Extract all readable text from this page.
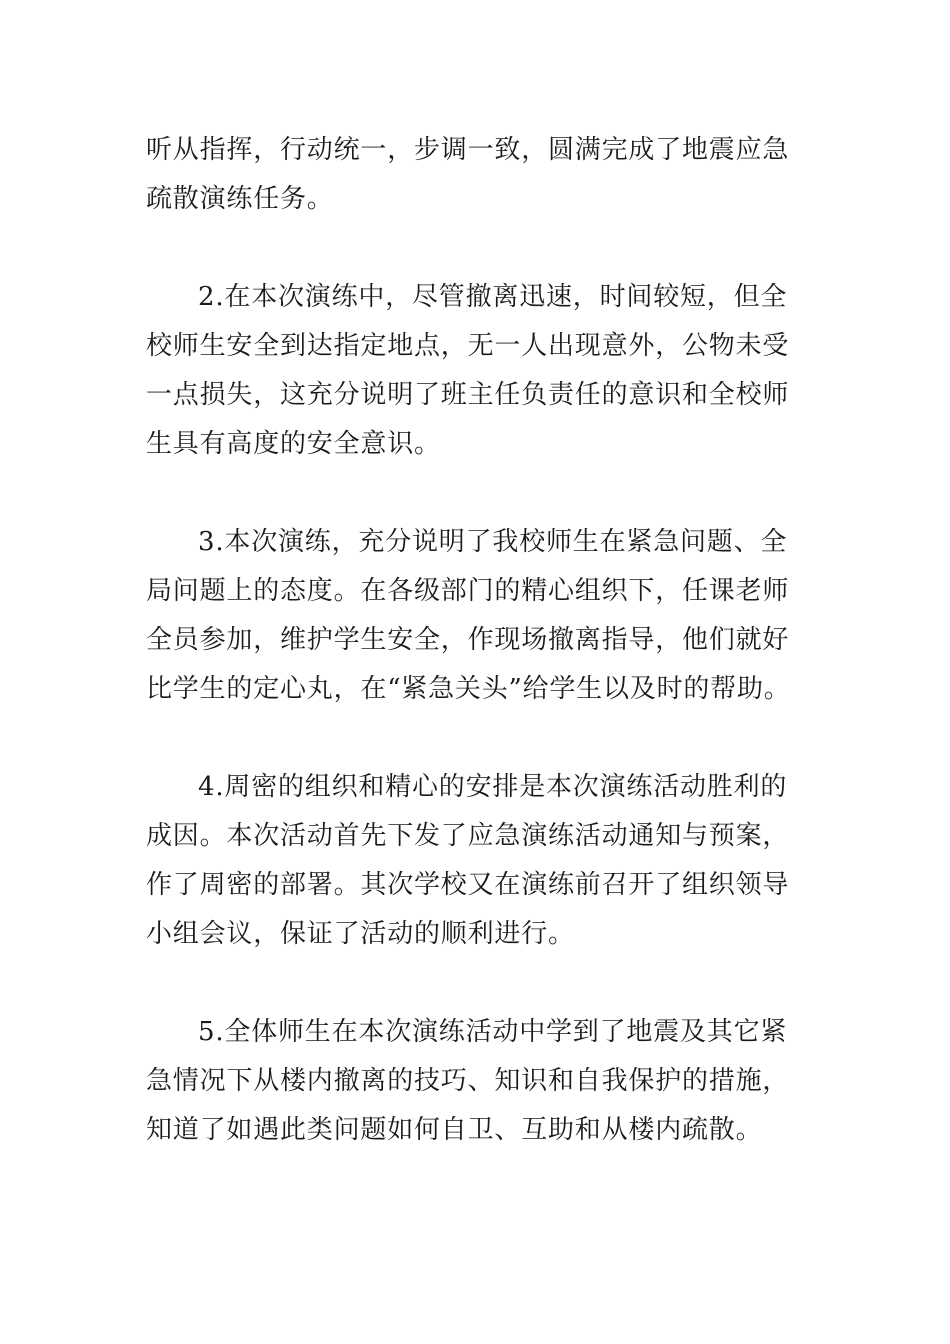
听从指挥，行动统一，步调一致，圆满完成了地震应急疏散演练任务。

2.在本次演练中，尽管撤离迅速，时间较短，但全校师生安全到达指定地点，无一人出现意外，公物未受一点损失，这充分说明了班主任负责任的意识和全校师生具有高度的安全意识。

3.本次演练，充分说明了我校师生在紧急问题、全局问题上的态度。在各级部门的精心组织下，任课老师全员参加，维护学生安全，作现场撤离指导，他们就好比学生的定心丸，在“紧急关头”给学生以及时的帮助。

4.周密的组织和精心的安排是本次演练活动胜利的成因。本次活动首先下发了应急演练活动通知与预案，作了周密的部署。其次学校又在演练前召开了组织领导小组会议，保证了活动的顺利进行。

5.全体师生在本次演练活动中学到了地震及其它紧急情况下从楼内撤离的技巧、知识和自我保护的措施，知道了如遇此类问题如何自卫、互助和从楼内疏散。
